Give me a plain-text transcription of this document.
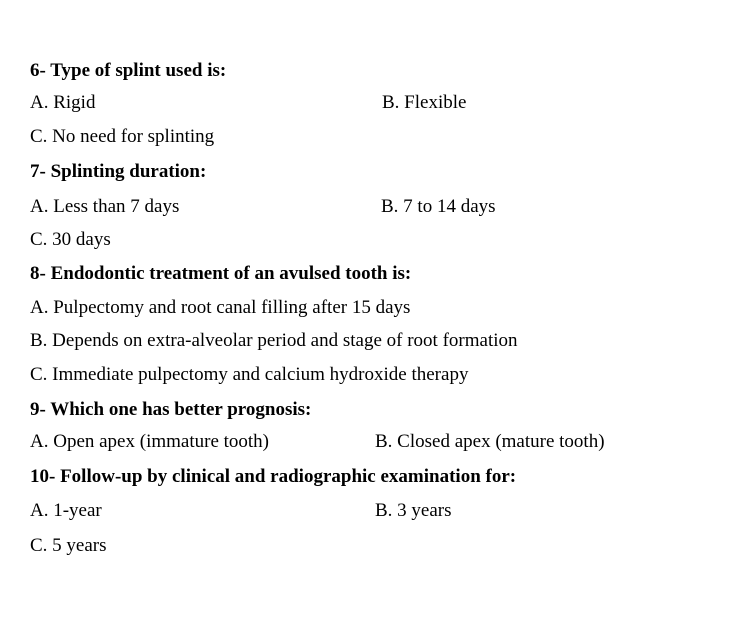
6- Type of splint used is:
A. Rigid	B. Flexible
C. No need for splinting
7- Splinting duration:
A. Less than 7 days	B. 7 to 14 days
C. 30 days
8- Endodontic treatment of an avulsed tooth is:
A. Pulpectomy and root canal filling after 15 days
B. Depends on extra-alveolar period and stage of root formation
C. Immediate pulpectomy and calcium hydroxide therapy
9- Which one has better prognosis:
A. Open apex (immature tooth)	B. Closed apex (mature tooth)
10- Follow-up by clinical and radiographic examination for:
A. 1-year	B. 3 years
C. 5 years
